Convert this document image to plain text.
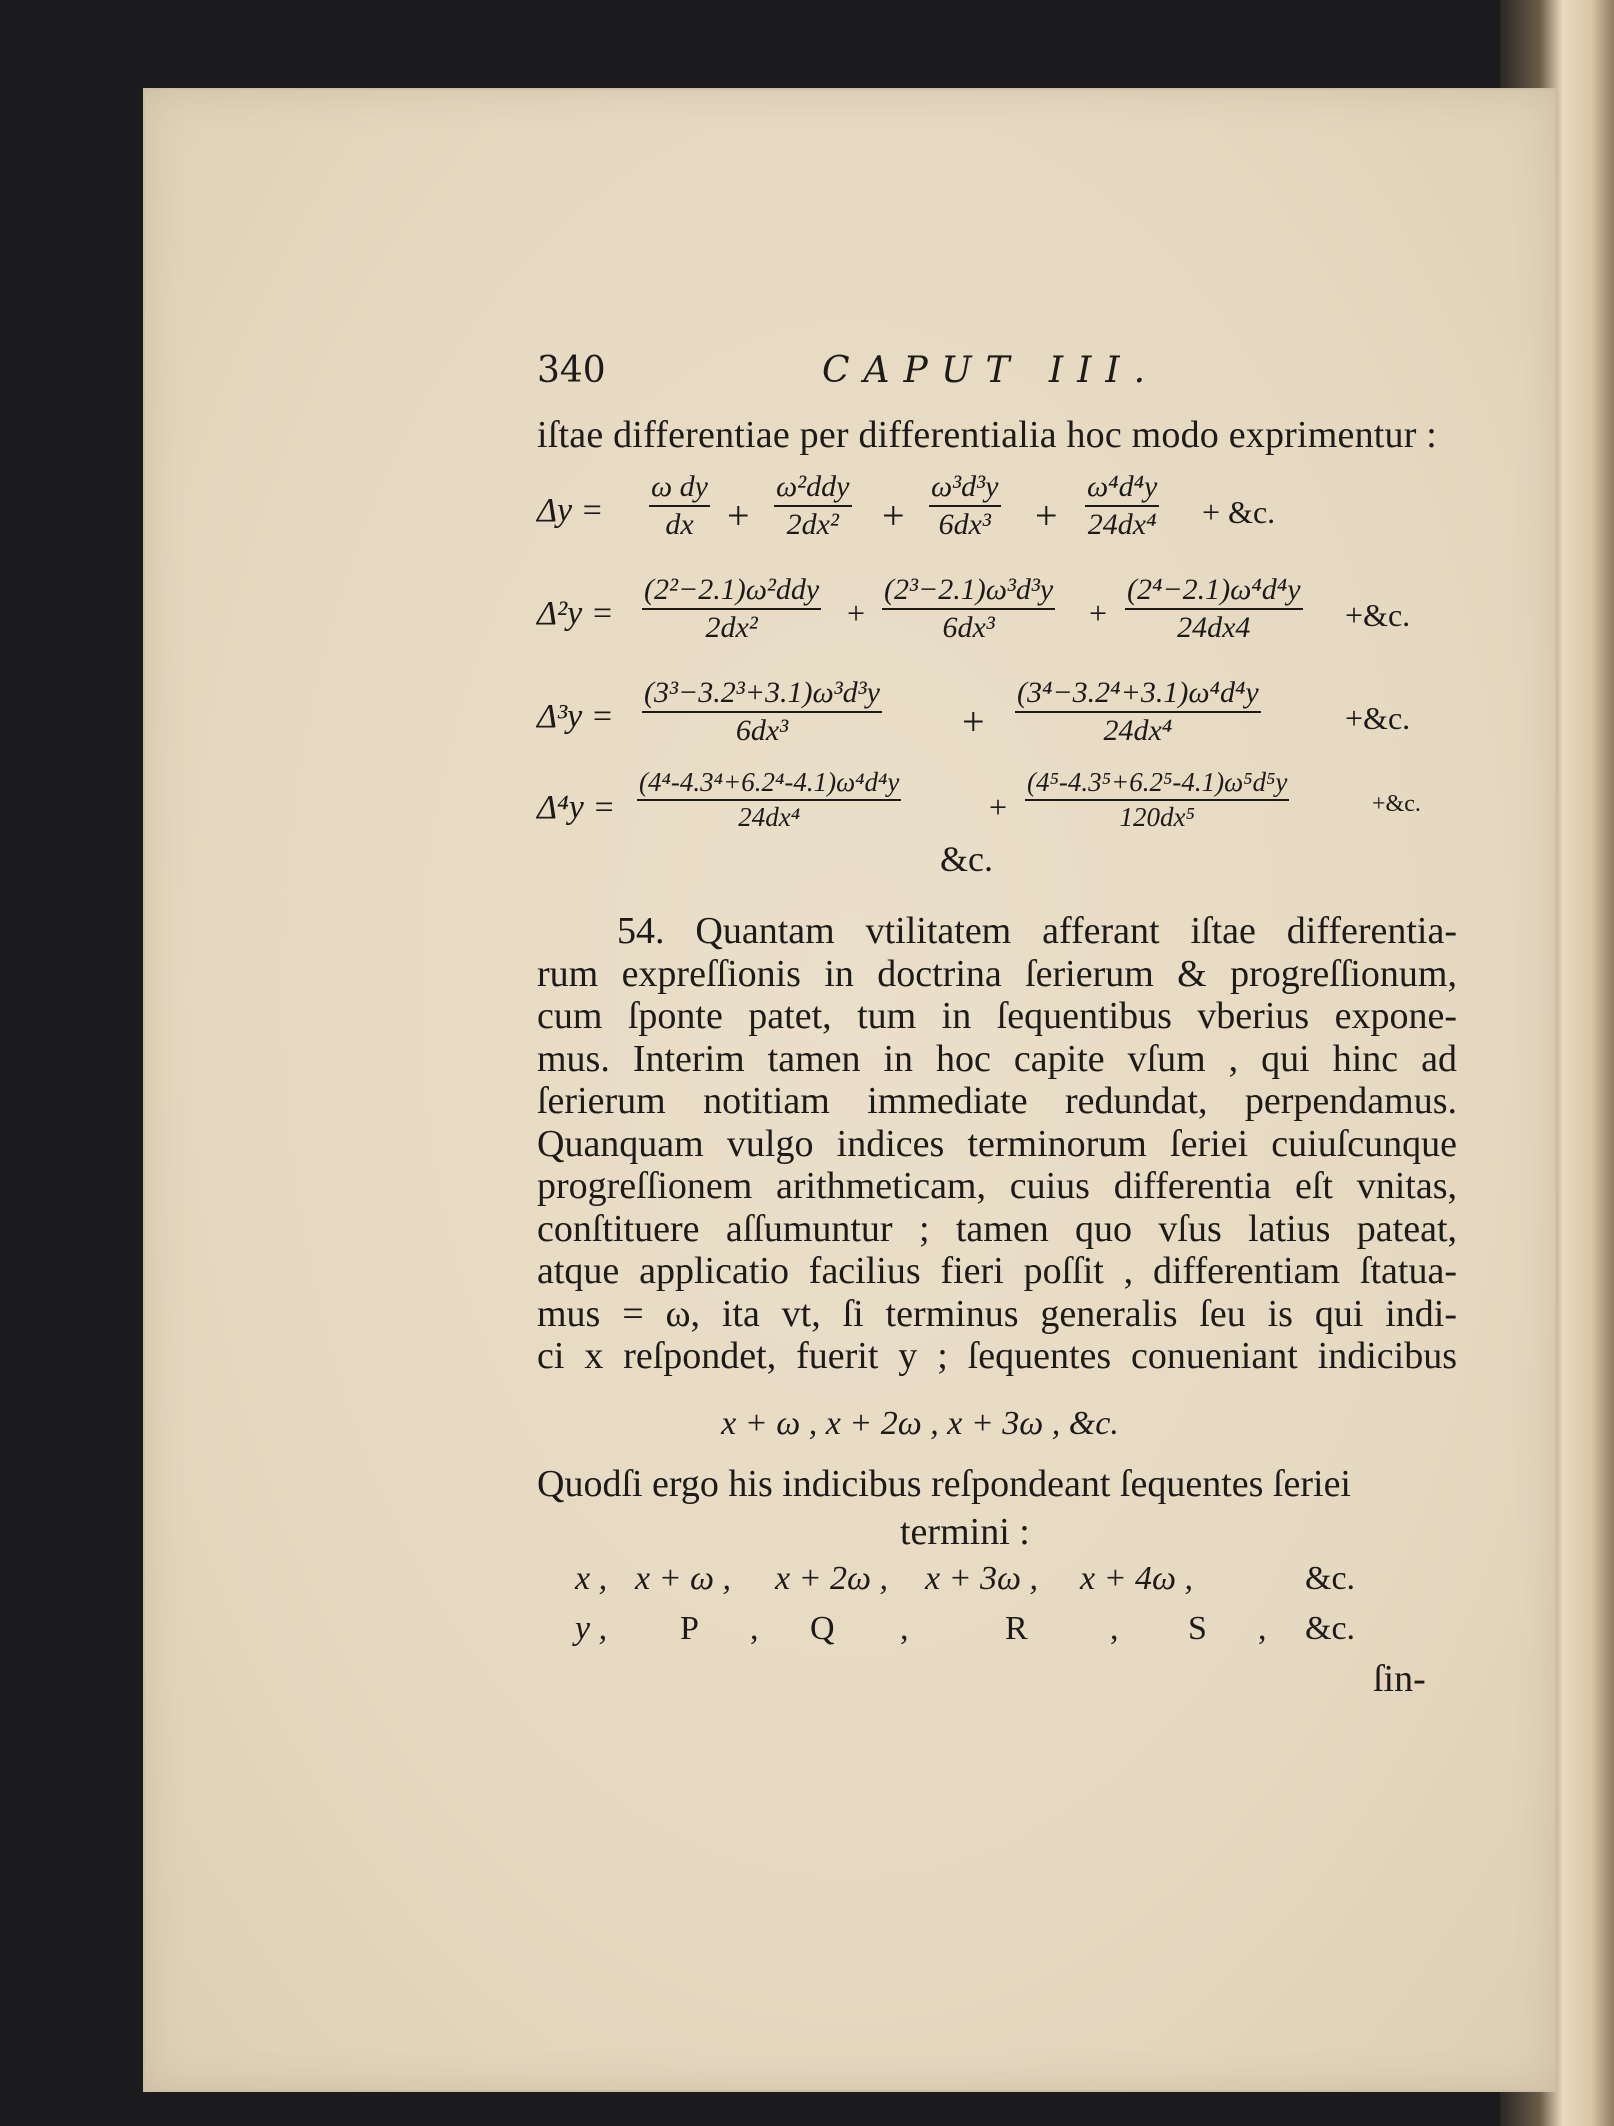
340	CAPUT III.
iſtae differentiae per differentialia hoc modo exprimentur :
$\Delta y = \frac{\text{ω dy}}{dx}$ +
ω²ddy
2dx²	+ $\frac{\text{ω³d³y}}{\text{6dx³}} + \frac{\text{ω⁴d⁴y}}{\text{24dx⁴}}$ + &c.
Δ²y =
(2²−2.1)ω²ddy
2dx²	+ $\frac{\text{(2³−2.1)ω³d³y}}{\text{6dx³}} + \frac{\text{(2⁴−2.1)ω⁴d⁴y}}{24dx4}$ +&c.
$\Delta^3y = \frac{\text{(3³−3.2³+3.1)ω³d³y}}{\text{6dx³}} + \frac{\text{(3⁴−3.2⁴+3.1)ω⁴d⁴y}}{\text{24dx⁴}}$	+&c.
$\Delta^4y = \frac{\text{(4⁴-4.3⁴+6.2⁴-4.1)ω⁴d⁴y}}{\text{24dx⁴}}$	+ $\frac{\text{(4⁵-4.3⁵+6.2⁵-4.1)ω⁵d⁵y}}{\text{120dx⁵}}$	+&c.
&c.

54. Quantam vtilitatem afferant iſtae differentia-

rum expreſſionis in doctrina ſerierum & progreſſionum,

cum ſponte patet, tum in ſequentibus vberius expone-

mus. Interim tamen in hoc capite vſum , qui hinc ad

ſerierum notitiam immediate redundat, perpendamus.

Quanquam vulgo indices terminorum ſeriei cuiuſcunque

progreſſionem arithmeticam, cuius differentia eſt vnitas,

conſtituere aſſumuntur ; tamen quo vſus latius pateat,

atque applicatio facilius fieri poſſit , differentiam ſtatua-

mus = ω, ita vt, ſi terminus generalis ſeu is qui indi-

ci x reſpondet, fuerit y ; ſequentes conueniant indicibus

x + ω , x + 2ω , x + 3ω , &c.
Quodſi ergo his indicibus reſpondeant ſequentes ſeriei
termini :
x , x + ω , x + 2ω , x + 3ω , x + 4ω ,	&c.
y , P , Q ,	R , S , &c.
ſin-
